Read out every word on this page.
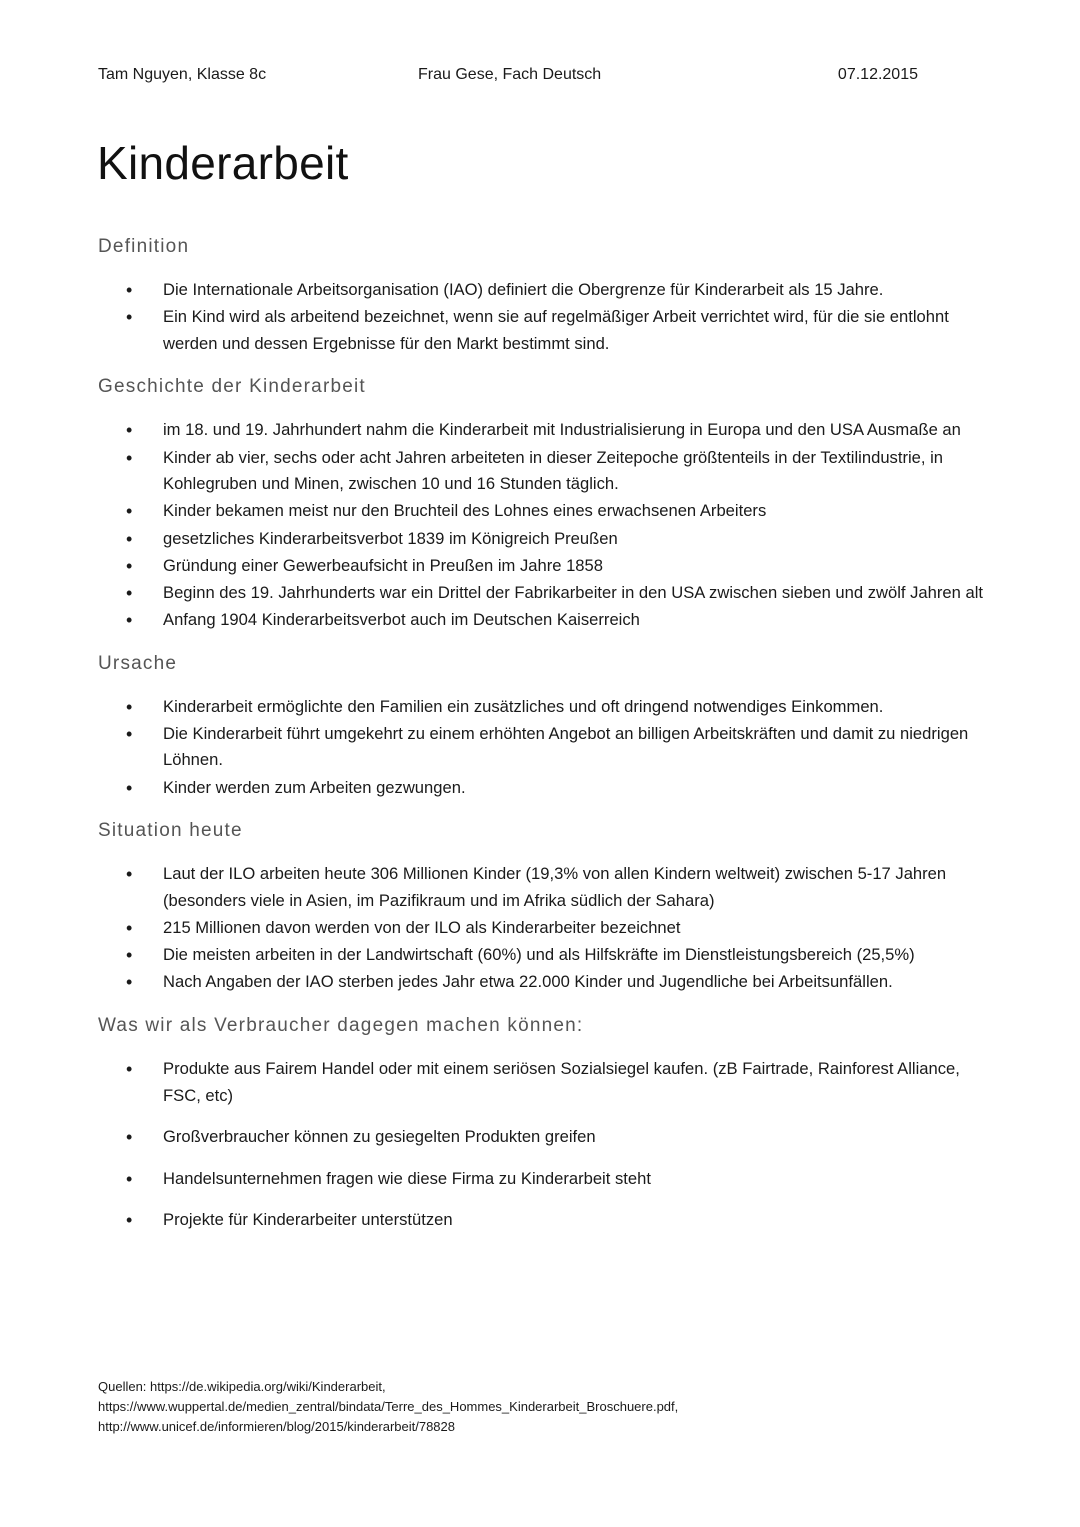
Tam Nguyen, Klasse 8c	Frau Gese, Fach Deutsch	07.12.2015
Kinderarbeit
Definition
• Die Internationale Arbeitsorganisation (IAO) definiert die Obergrenze für Kinderarbeit als 15 Jahre.
• Ein Kind wird als arbeitend bezeichnet, wenn sie auf regelmäßiger Arbeit verrichtet wird, für die sie entlohnt werden und dessen Ergebnisse für den Markt bestimmt sind.
Geschichte der Kinderarbeit
• im 18. und 19. Jahrhundert nahm die Kinderarbeit mit Industrialisierung in Europa und den USA Ausmaße an
• Kinder ab vier, sechs oder acht Jahren arbeiteten in dieser Zeitepoche größtenteils in der Textilindustrie, in Kohlegruben und Minen, zwischen 10 und 16 Stunden täglich.
• Kinder bekamen meist nur den Bruchteil des Lohnes eines erwachsenen Arbeiters
• gesetzliches Kinderarbeitsverbot 1839 im Königreich Preußen
• Gründung einer Gewerbeaufsicht in Preußen im Jahre 1858
• Beginn des 19. Jahrhunderts war ein Drittel der Fabrikarbeiter in den USA zwischen sieben und zwölf Jahren alt
• Anfang 1904 Kinderarbeitsverbot auch im Deutschen Kaiserreich
Ursache
• Kinderarbeit ermöglichte den Familien ein zusätzliches und oft dringend notwendiges Einkommen.
• Die Kinderarbeit führt umgekehrt zu einem erhöhten Angebot an billigen Arbeitskräften und damit zu niedrigen Löhnen.
• Kinder werden zum Arbeiten gezwungen.
Situation heute
• Laut der ILO arbeiten heute 306 Millionen Kinder (19,3% von allen Kindern weltweit) zwischen 5-17 Jahren (besonders viele in Asien, im Pazifikraum und im Afrika südlich der Sahara)
• 215 Millionen davon werden von der ILO als Kinderarbeiter bezeichnet
• Die meisten arbeiten in der Landwirtschaft (60%) und als Hilfskräfte im Dienstleistungsbereich (25,5%)
• Nach Angaben der IAO sterben jedes Jahr etwa 22.000 Kinder und Jugendliche bei Arbeitsunfällen.
Was wir als Verbraucher dagegen machen können:
• Produkte aus Fairem Handel oder mit einem seriösen Sozialsiegel kaufen. (zB Fairtrade, Rainforest Alliance, FSC, etc)
• Großverbraucher können zu gesiegelten Produkten greifen
• Handelsunternehmen fragen wie diese Firma zu Kinderarbeit steht
• Projekte für Kinderarbeiter unterstützen
Quellen: https://de.wikipedia.org/wiki/Kinderarbeit,
https://www.wuppertal.de/medien_zentral/bindata/Terre_des_Hommes_Kinderarbeit_Broschuere.pdf,
http://www.unicef.de/informieren/blog/2015/kinderarbeit/78828
